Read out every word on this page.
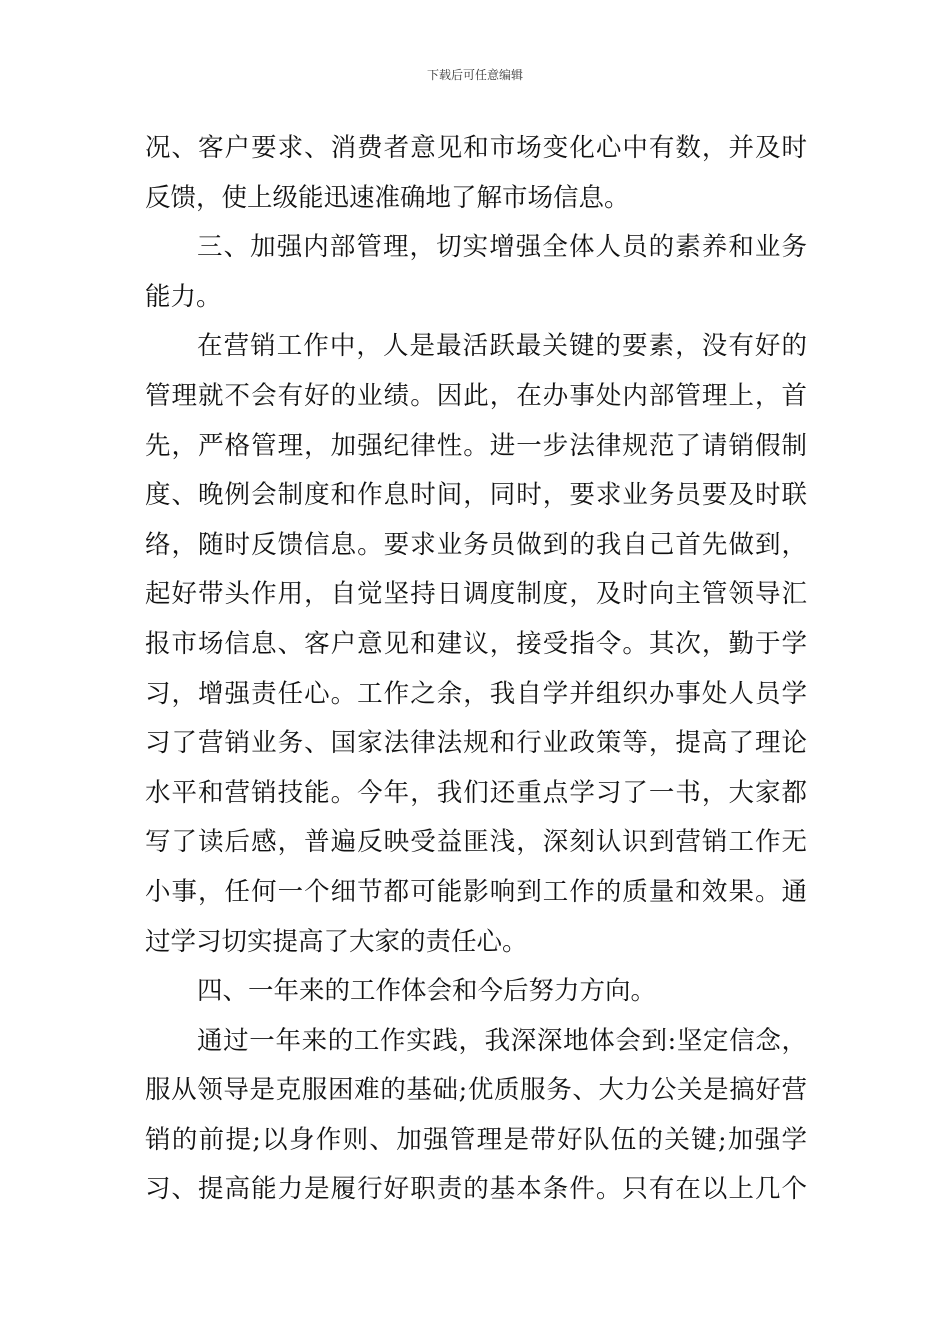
下载后可任意编辑
况、客户要求、消费者意见和市场变化心中有数，并及时
反馈，使上级能迅速准确地了解市场信息。
三、加强内部管理，切实增强全体人员的素养和业务
能力。
在营销工作中，人是最活跃最关键的要素，没有好的
管理就不会有好的业绩。因此，在办事处内部管理上，首
先，严格管理，加强纪律性。进一步法律规范了请销假制
度、晚例会制度和作息时间，同时，要求业务员要及时联
络，随时反馈信息。要求业务员做到的我自己首先做到，
起好带头作用，自觉坚持日调度制度，及时向主管领导汇
报市场信息、客户意见和建议，接受指令。其次，勤于学
习，增强责任心。工作之余，我自学并组织办事处人员学
习了营销业务、国家法律法规和行业政策等，提高了理论
水平和营销技能。今年，我们还重点学习了一书，大家都
写了读后感，普遍反映受益匪浅，深刻认识到营销工作无
小事，任何一个细节都可能影响到工作的质量和效果。通
过学习切实提高了大家的责任心。
四、一年来的工作体会和今后努力方向。
通过一年来的工作实践，我深深地体会到:坚定信念，
服从领导是克服困难的基础;优质服务、大力公关是搞好营
销的前提;以身作则、加强管理是带好队伍的关键;加强学
习、提高能力是履行好职责的基本条件。只有在以上几个
